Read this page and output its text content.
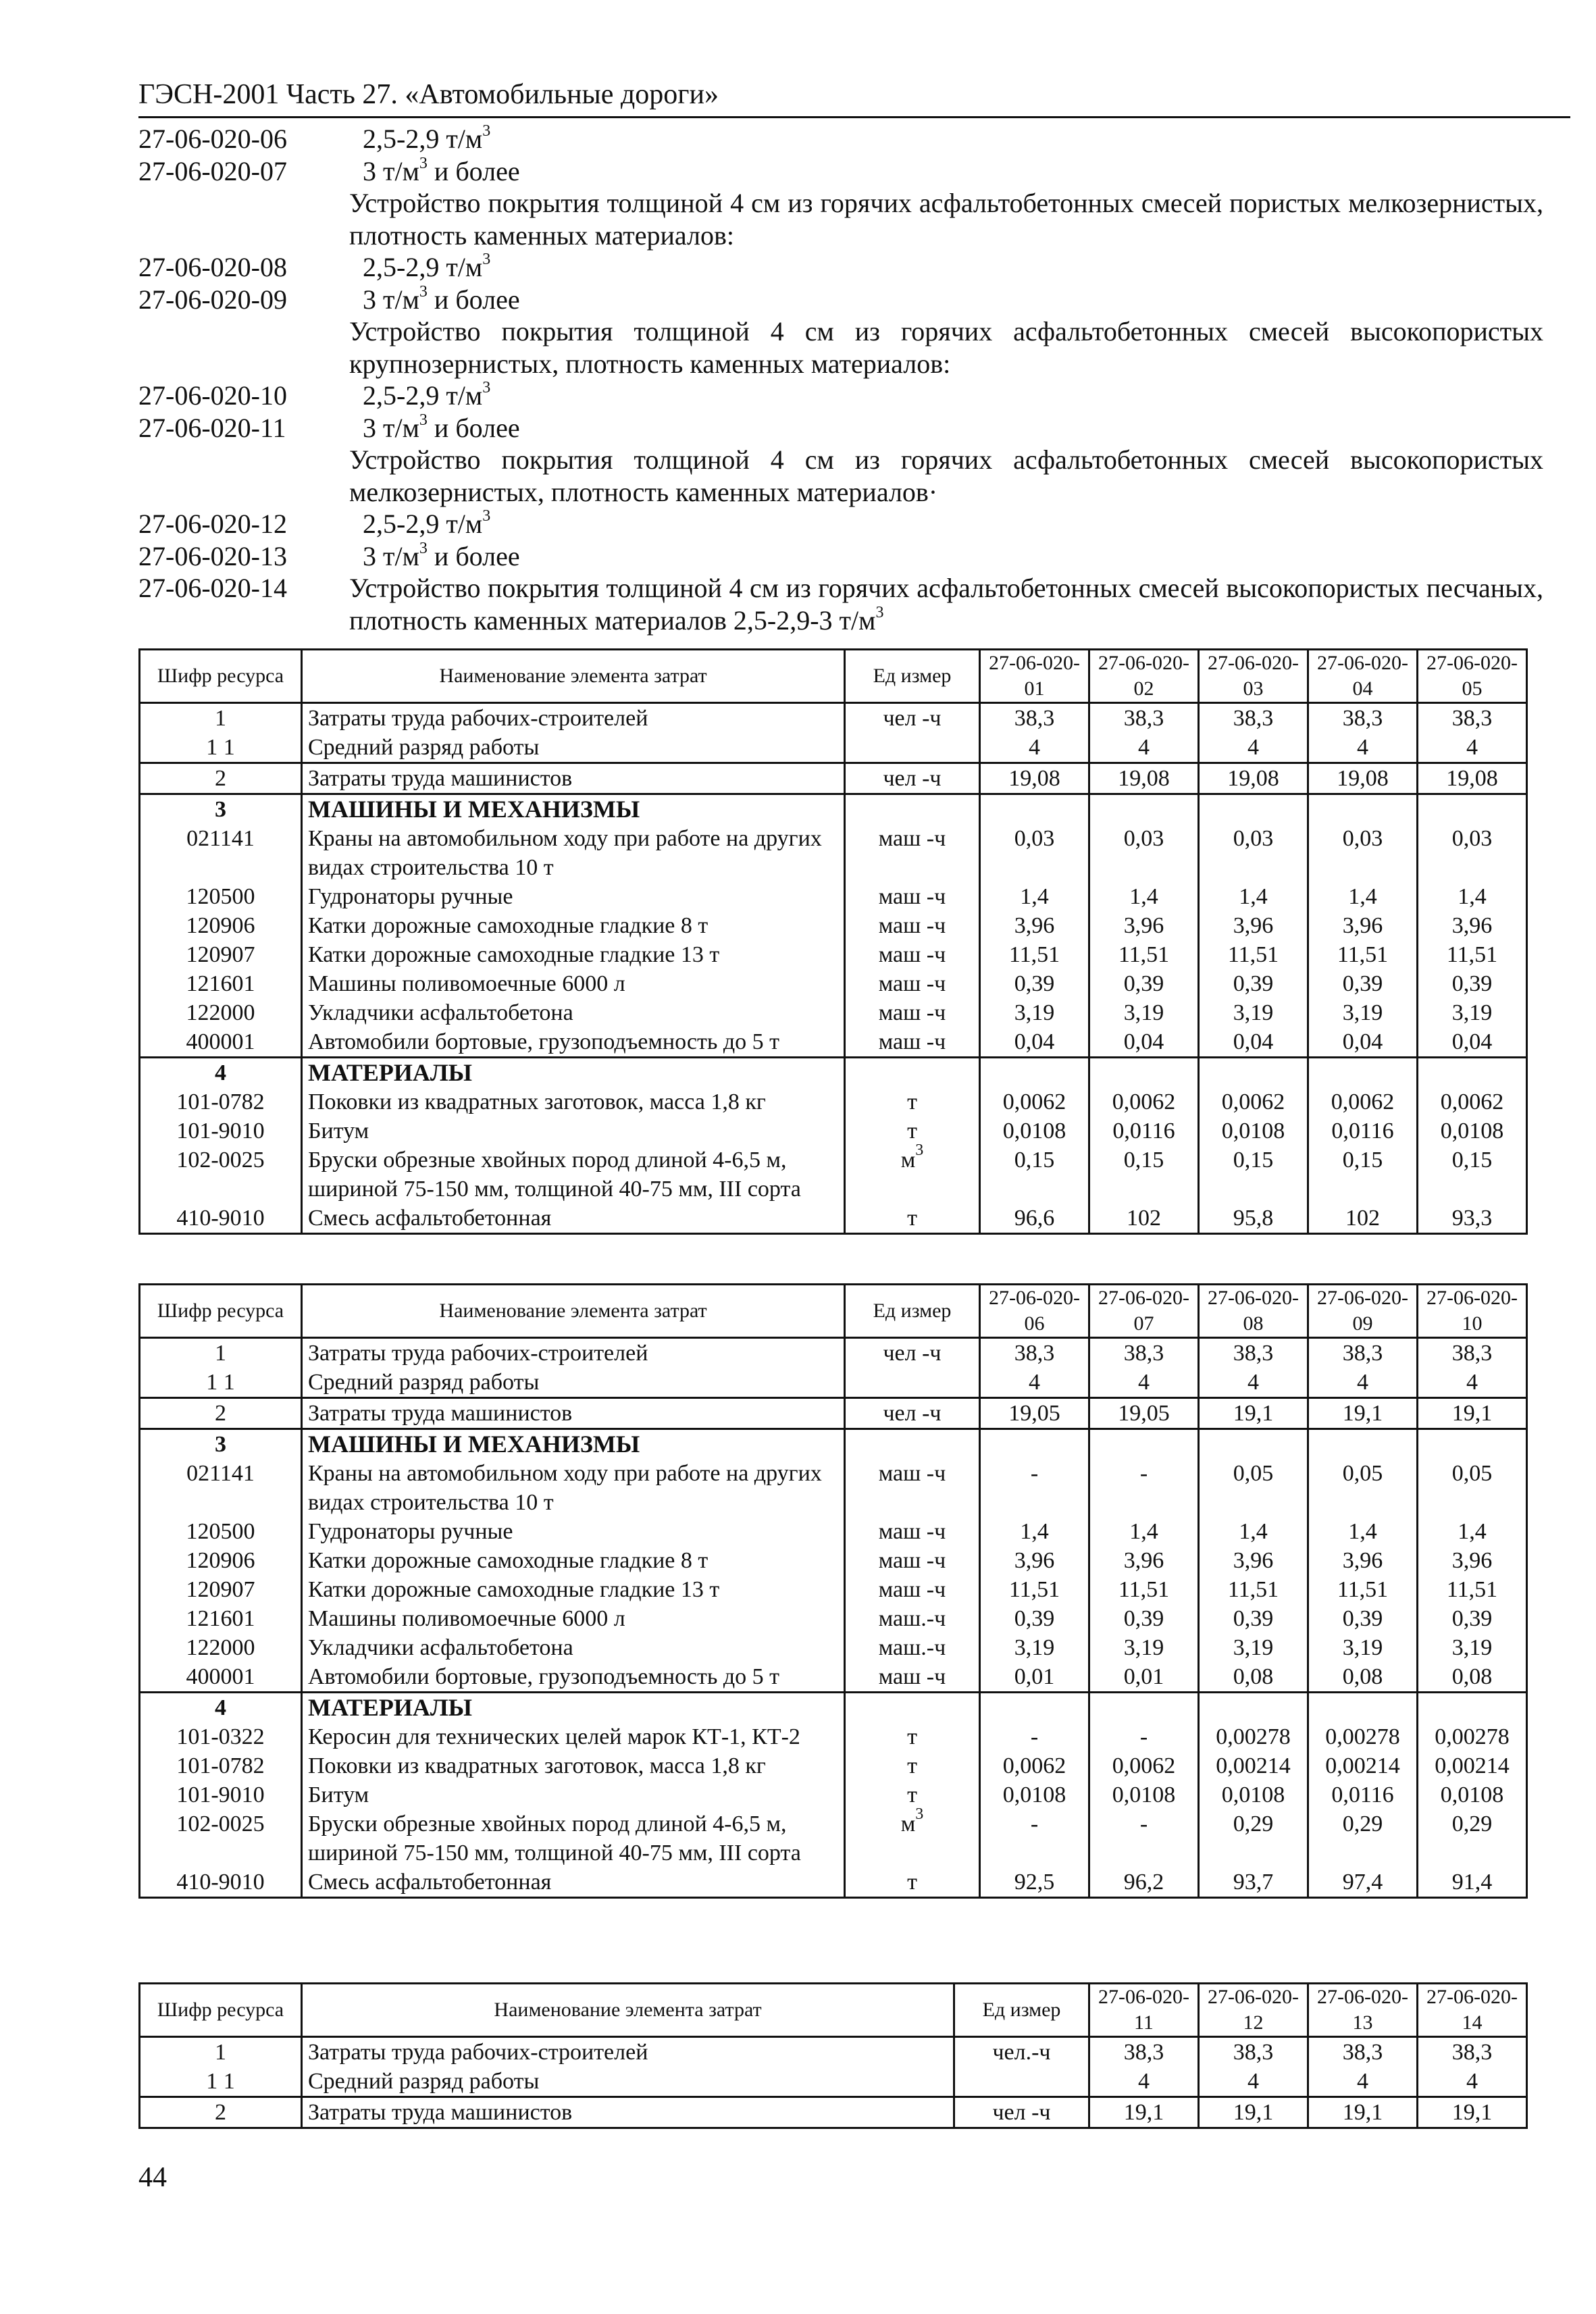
ГЭСН-2001 Часть 27. «Автомобильные дороги»
27-06-020-06	2,5-2,9 $т/м^3$
27-06-020-07	3 $т/м^3$ и более
Устройство покрытия толщиной 4 см из горячих асфальтобетонных смесей пористых мелкозернистых, плотность каменных материалов:
27-06-020-08	2,5-2,9 $т/м^3$
27-06-020-09	3 $т/м^3$ и более
Устройство покрытия толщиной 4 см из горячих асфальтобетонных смесей высокопористых крупнозернистых, плотность каменных материалов:
27-06-020-10	2,5-2,9 $т/м^3$
27-06-020-11	3 $т/м^3$ и более
Устройство покрытия толщиной 4 см из горячих асфальтобетонных смесей высокопористых мелкозернистых, плотность каменных материалов·
27-06-020-12	2,5-2,9 $т/м^3$
27-06-020-13	3 $т/м^3$ и более
27-06-020-14	Устройство покрытия толщиной 4 см из горячих асфальтобетонных смесей высокопористых песчаных, плотность каменных материалов 2,5-2,9-3 $т/м^3$
Шифр ресурса	Наименование элемента затрат	Ед измер	27-06-020-01	27-06-020-02	27-06-020-03	27-06-020-04	27-06-020-05
1	Затраты труда рабочих-строителей	чел -ч	38,3	38,3	38,3	38,3	38,3
1 1	Средний разряд работы		4	4	4	4	4
2	Затраты труда машинистов	чел -ч	19,08	19,08	19,08	19,08	19,08
3	МАШИНЫ И МЕХАНИЗМЫ						
021141	Краны на автомобильном ходу при работе на других видах строительства 10 т	маш -ч	0,03	0,03	0,03	0,03	0,03
120500	Гудронаторы ручные	маш -ч	1,4	1,4	1,4	1,4	1,4
120906	Катки дорожные самоходные гладкие 8 т	маш -ч	3,96	3,96	3,96	3,96	3,96
120907	Катки дорожные самоходные гладкие 13 т	маш -ч	11,51	11,51	11,51	11,51	11,51
121601	Машины поливомоечные 6000 л	маш -ч	0,39	0,39	0,39	0,39	0,39
122000	Укладчики асфальтобетона	маш -ч	3,19	3,19	3,19	3,19	3,19
400001	Автомобили бортовые, грузоподъемность до 5 т	маш -ч	0,04	0,04	0,04	0,04	0,04
4	МАТЕРИАЛЫ						
101-0782	Поковки из квадратных заготовок, масса 1,8 кг	т	0,0062	0,0062	0,0062	0,0062	0,0062
101-9010	Битум	т	0,0108	0,0116	0,0108	0,0116	0,0108
102-0025	Бруски обрезные хвойных пород длиной 4-6,5 м, шириной 75-150 мм, толщиной 40-75 мм, III сорта	$м^3$	0,15	0,15	0,15	0,15	0,15
410-9010	Смесь асфальтобетонная	т	96,6	102	95,8	102	93,3
Шифр ресурса	Наименование элемента затрат	Ед измер	27-06-020-06	27-06-020-07	27-06-020-08	27-06-020-09	27-06-020-10
1	Затраты труда рабочих-строителей	чел -ч	38,3	38,3	38,3	38,3	38,3
1 1	Средний разряд работы		4	4	4	4	4
2	Затраты труда машинистов	чел -ч	19,05	19,05	19,1	19,1	19,1
3	МАШИНЫ И МЕХАНИЗМЫ						
021141	Краны на автомобильном ходу при работе на других видах строительства 10 т	маш -ч	-	-	0,05	0,05	0,05
120500	Гудронаторы ручные	маш -ч	1,4	1,4	1,4	1,4	1,4
120906	Катки дорожные самоходные гладкие 8 т	маш -ч	3,96	3,96	3,96	3,96	3,96
120907	Катки дорожные самоходные гладкие 13 т	маш -ч	11,51	11,51	11,51	11,51	11,51
121601	Машины поливомоечные 6000 л	маш.-ч	0,39	0,39	0,39	0,39	0,39
122000	Укладчики асфальтобетона	маш.-ч	3,19	3,19	3,19	3,19	3,19
400001	Автомобили бортовые, грузоподъемность до 5 т	маш -ч	0,01	0,01	0,08	0,08	0,08
4	МАТЕРИАЛЫ						
101-0322	Керосин для технических целей марок КТ-1, КТ-2	т	-	-	0,00278	0,00278	0,00278
101-0782	Поковки из квадратных заготовок, масса 1,8 кг	т	0,0062	0,0062	0,00214	0,00214	0,00214
101-9010	Битум	т	0,0108	0,0108	0,0108	0,0116	0,0108
102-0025	Бруски обрезные хвойных пород длиной 4-6,5 м, шириной 75-150 мм, толщиной 40-75 мм, III сорта	$м^3$	-	-	0,29	0,29	0,29
410-9010	Смесь асфальтобетонная	т	92,5	96,2	93,7	97,4	91,4
Шифр ресурса	Наименование элемента затрат	Ед измер	27-06-020-11	27-06-020-12	27-06-020-13	27-06-020-14
1	Затраты труда рабочих-строителей	чел.-ч	38,3	38,3	38,3	38,3
1 1	Средний разряд работы		4	4	4	4
2	Затраты труда машинистов	чел -ч	19,1	19,1	19,1	19,1
44
